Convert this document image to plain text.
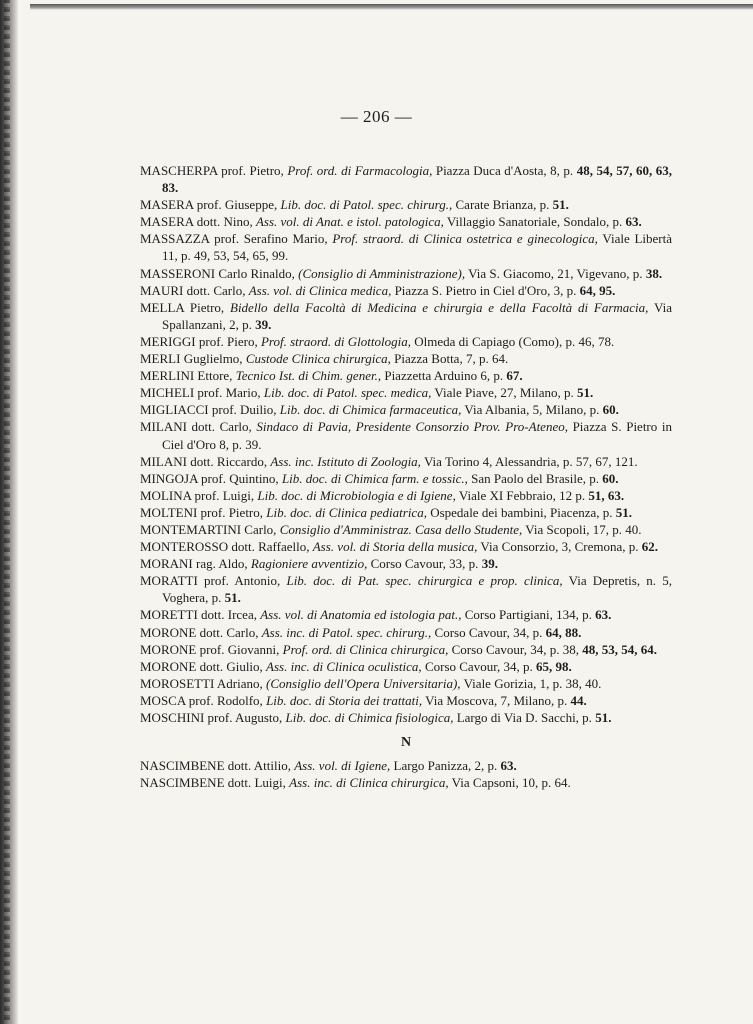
— 206 —

MASCHERPA prof. Pietro, Prof. ord. di Farmacologia, Piazza Duca d'Aosta, 8, p. 48, 54, 57, 60, 63, 83.

MASERA prof. Giuseppe, Lib. doc. di Patol. spec. chirurg., Carate Brianza, p. 51.

MASERA dott. Nino, Ass. vol. di Anat. e istol. patologica, Villaggio Sanatoriale, Sondalo, p. 63.

MASSAZZA prof. Serafino Mario, Prof. straord. di Clinica ostetrica e ginecologica, Viale Libertà 11, p. 49, 53, 54, 65, 99.

MASSERONI Carlo Rinaldo, (Consiglio di Amministrazione), Via S. Giacomo, 21, Vigevano, p. 38.

MAURI dott. Carlo, Ass. vol. di Clinica medica, Piazza S. Pietro in Ciel d'Oro, 3, p. 64, 95.

MELLA Pietro, Bidello della Facoltà di Medicina e chirurgia e della Facoltà di Farmacia, Via Spallanzani, 2, p. 39.

MERIGGI prof. Piero, Prof. straord. di Glottologia, Olmeda di Capiago (Como), p. 46, 78.

MERLI Guglielmo, Custode Clinica chirurgica, Piazza Botta, 7, p. 64.

MERLINI Ettore, Tecnico Ist. di Chim. gener., Piazzetta Arduino 6, p. 67.

MICHELI prof. Mario, Lib. doc. di Patol. spec. medica, Viale Piave, 27, Milano, p. 51.

MIGLIACCI prof. Duilio, Lib. doc. di Chimica farmaceutica, Via Albania, 5, Milano, p. 60.

MILANI dott. Carlo, Sindaco di Pavia, Presidente Consorzio Prov. Pro-Ateneo, Piazza S. Pietro in Ciel d'Oro 8, p. 39.

MILANI dott. Riccardo, Ass. inc. Istituto di Zoologia, Via Torino 4, Alessandria, p. 57, 67, 121.

MINGOJA prof. Quintino, Lib. doc. di Chimica farm. e tossic., San Paolo del Brasile, p. 60.

MOLINA prof. Luigi, Lib. doc. di Microbiologia e di Igiene, Viale XI Febbraio, 12 p. 51, 63.

MOLTENI prof. Pietro, Lib. doc. di Clinica pediatrica, Ospedale dei bambini, Piacenza, p. 51.

MONTEMARTINI Carlo, Consiglio d'Amministraz. Casa dello Studente, Via Scopoli, 17, p. 40.

MONTEROSSO dott. Raffaello, Ass. vol. di Storia della musica, Via Consorzio, 3, Cremona, p. 62.

MORANI rag. Aldo, Ragioniere avventizio, Corso Cavour, 33, p. 39.

MORATTI prof. Antonio, Lib. doc. di Pat. spec. chirurgica e prop. clinica, Via Depretis, n. 5, Voghera, p. 51.

MORETTI dott. Ircea, Ass. vol. di Anatomia ed istologia pat., Corso Partigiani, 134, p. 63.

MORONE dott. Carlo, Ass. inc. di Patol. spec. chirurg., Corso Cavour, 34, p. 64, 88.

MORONE prof. Giovanni, Prof. ord. di Clinica chirurgica, Corso Cavour, 34, p. 38, 48, 53, 54, 64.

MORONE dott. Giulio, Ass. inc. di Clinica oculistica, Corso Cavour, 34, p. 65, 98.

MOROSETTI Adriano, (Consiglio dell'Opera Universitaria), Viale Gorizia, 1, p. 38, 40.

MOSCA prof. Rodolfo, Lib. doc. di Storia dei trattati, Via Moscova, 7, Milano, p. 44.

MOSCHINI prof. Augusto, Lib. doc. di Chimica fisiologica, Largo di Via D. Sacchi, p. 51.

N

NASCIMBENE dott. Attilio, Ass. vol. di Igiene, Largo Panizza, 2, p. 63.

NASCIMBENE dott. Luigi, Ass. inc. di Clinica chirurgica, Via Capsoni, 10, p. 64.
